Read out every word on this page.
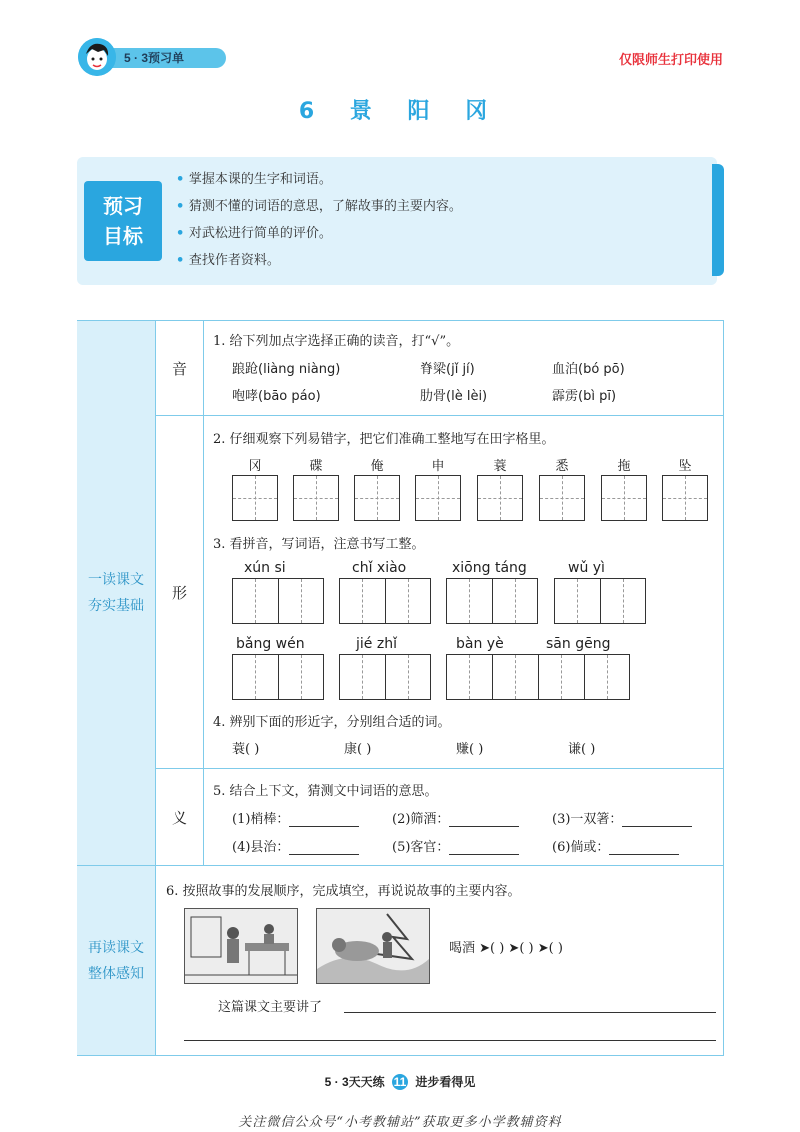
5 · 3预习单	仅限师生打印使用
6 景 阳 冈
预习
目标
• 掌握本课的生字和词语。
• 猜测不懂的词语的意思，了解故事的主要内容。
• 对武松进行简单的评价。
• 查找作者资料。
一读课文
夯实基础
再读课文
整体感知
音
形
义
1. 给下列加点字选择正确的读音，打“√”。
踉跄(liàng niàng)	脊梁(jǐ jí)	血泊(bó pō)
咆哮(bāo páo)	肋骨(lè lèi)	霹雳(bì pī)
2. 仔细观察下列易错字，把它们准确工整地写在田字格里。
冈	碟	俺	申	蓑	悉	拖	坠
3. 看拼音，写词语，注意书写工整。
xún si	chǐ xiào	xiōng táng	wǔ yì
bǎng wén	jié zhǐ	bàn yè	sān gēng
4. 辨别下面的形近字，分别组合适的词。
蓑( )	康( )	赚( )	谦( )
5. 结合上下文，猜测文中词语的意思。
(1)梢棒：	(2)筛酒：	(3)一双箸：
(4)县治：	(5)客官：	(6)倘或：
6. 按照故事的发展顺序，完成填空，再说说故事的主要内容。
喝酒 ➤( ) ➤( ) ➤( )
这篇课文主要讲了
5 · 3天天练 11 进步看得见
关注微信公众号“小考教辅站”获取更多小学教辅资料
